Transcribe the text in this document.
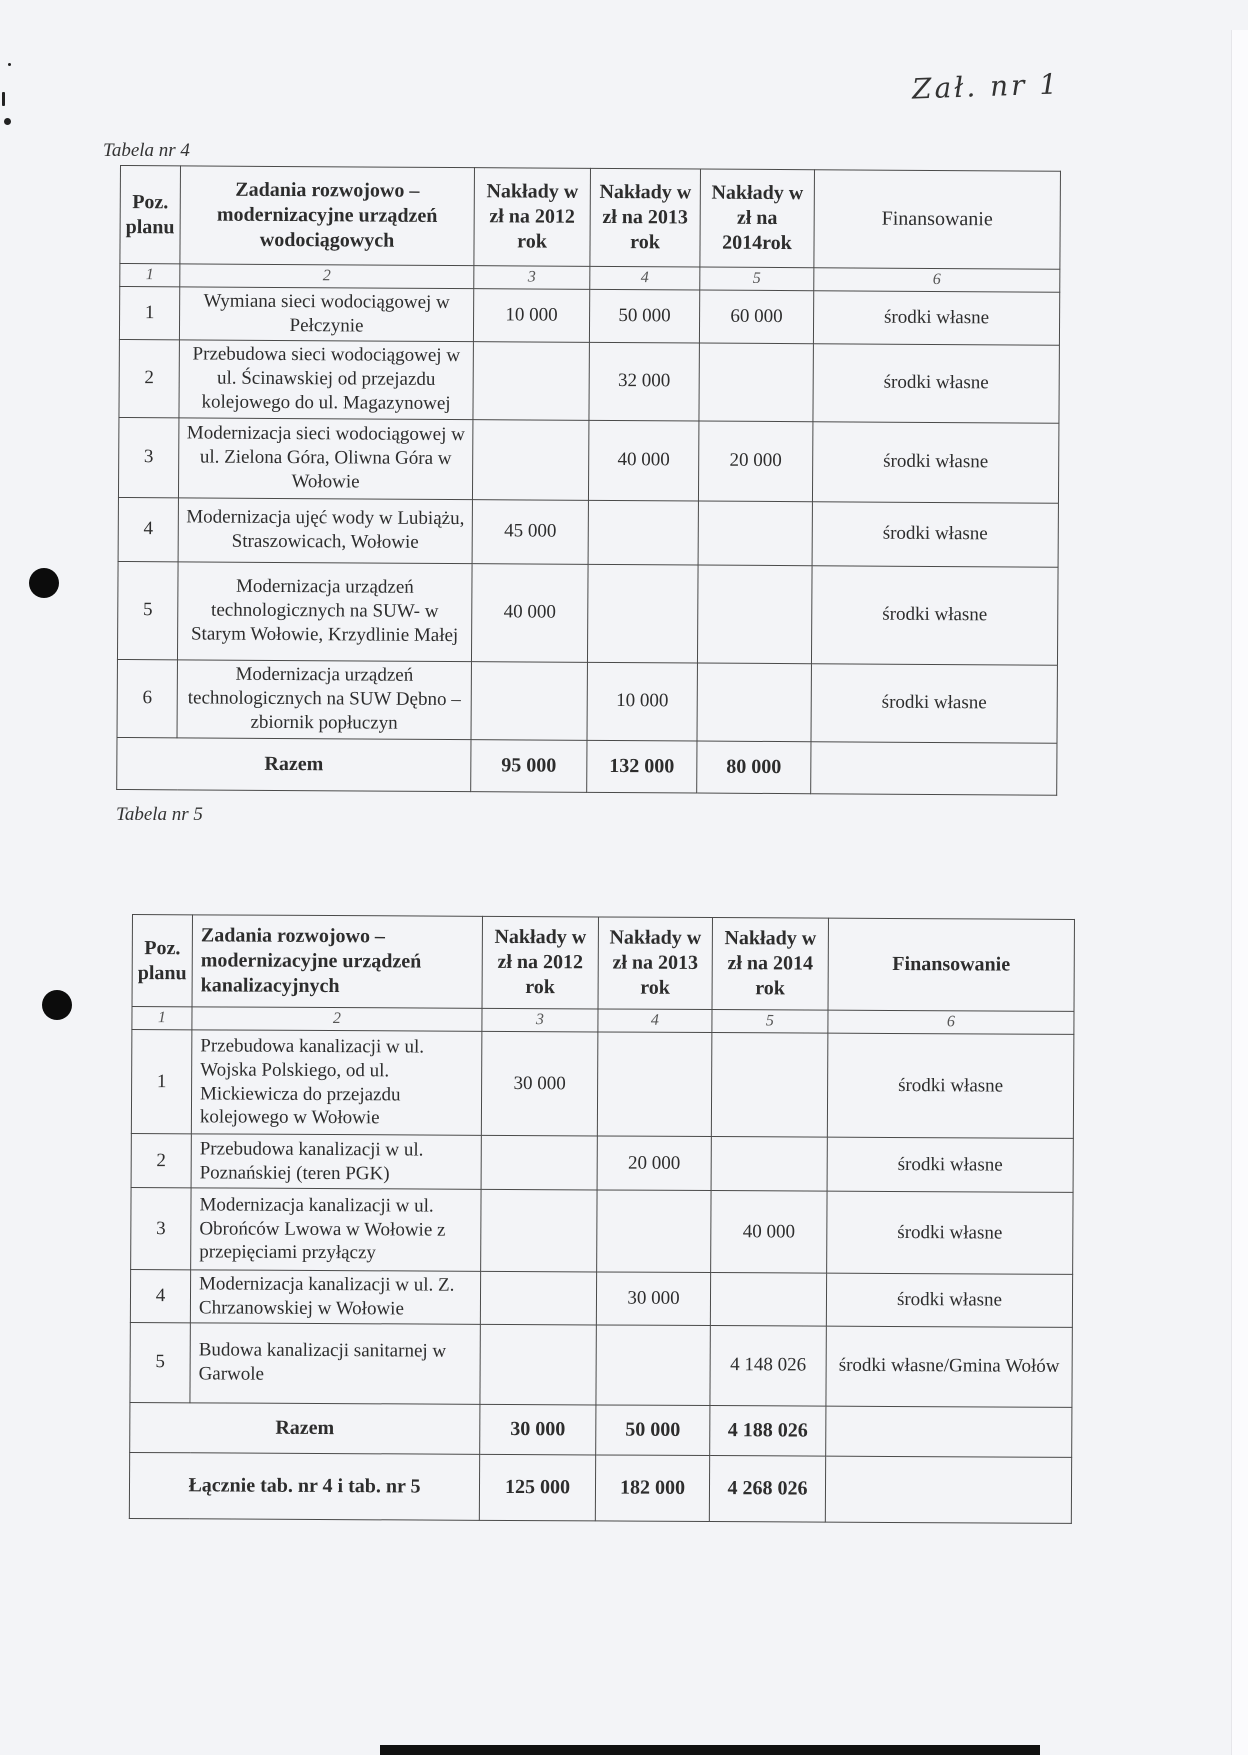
Zał. nr 1
Tabela nr 4
Poz. planu	Zadania rozwojowo – modernizacyjne urządzeń wodociągowych	Nakłady w zł na 2012 rok	Nakłady w zł na 2013 rok	Nakłady w zł na 2014rok	Finansowanie
1	2	3	4	5	6
1	Wymiana sieci wodociągowej w Pełczynie	10 000	50 000	60 000	środki własne
2	Przebudowa sieci wodociągowej w ul. Ścinawskiej od przejazdu kolejowego do ul. Magazynowej		32 000		środki własne
3	Modernizacja sieci wodociągowej w ul. Zielona Góra, Oliwna Góra w Wołowie		40 000	20 000	środki własne
4	Modernizacja ujęć wody w Lubiążu, Straszowicach, Wołowie	45 000			środki własne
5	Modernizacja urządzeń technologicznych na SUW- w Starym Wołowie, Krzydlinie Małej	40 000			środki własne
6	Modernizacja urządzeń technologicznych na SUW Dębno – zbiornik popłuczyn		10 000		środki własne
Razem		95 000	132 000	80 000	
Tabela nr 5
Poz. planu	Zadania rozwojowo – modernizacyjne urządzeń kanalizacyjnych	Nakłady w zł na 2012 rok	Nakłady w zł na 2013 rok	Nakłady w zł na 2014 rok	Finansowanie
1	2	3	4	5	6
1	Przebudowa kanalizacji w ul. Wojska Polskiego, od ul. Mickiewicza do przejazdu kolejowego w Wołowie	30 000			środki własne
2	Przebudowa kanalizacji w ul. Poznańskiej (teren PGK)		20 000		środki własne
3	Modernizacja kanalizacji w ul. Obrońców Lwowa w Wołowie z przepięciami przyłączy			40 000	środki własne
4	Modernizacja kanalizacji w ul. Z. Chrzanowskiej w Wołowie		30 000		środki własne
5	Budowa kanalizacji sanitarnej w Garwole			4 148 026	środki własne/Gmina Wołów
Razem		30 000	50 000	4 188 026	
Łącznie tab. nr 4 i tab. nr 5		125 000	182 000	4 268 026	
